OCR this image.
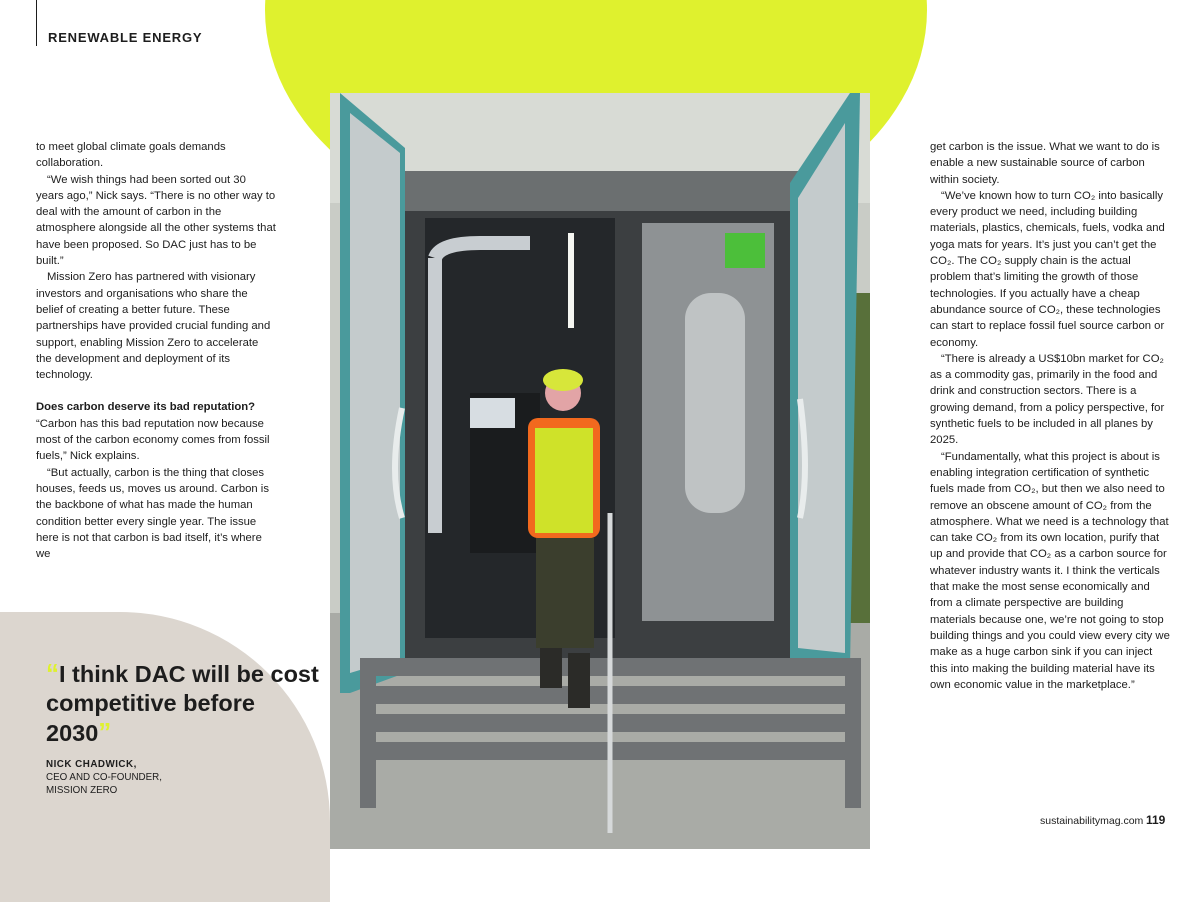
RENEWABLE ENERGY

to meet global climate goals demands collaboration.

“We wish things had been sorted out 30 years ago,” Nick says. “There is no other way to deal with the amount of carbon in the atmosphere alongside all the other systems that have been proposed. So DAC just has to be built.”

Mission Zero has partnered with visionary investors and organisations who share the belief of creating a better future. These partnerships have provided crucial funding and support, enabling Mission Zero to accelerate the development and deployment of its technology.

Does carbon deserve its bad reputation?

“Carbon has this bad reputation now because most of the carbon economy comes from fossil fuels,” Nick explains.

“But actually, carbon is the thing that closes houses, feeds us, moves us around. Carbon is the backbone of what has made the human condition better every single year. The issue here is not that carbon is bad itself, it’s where we

get carbon is the issue. What we want to do is enable a new sustainable source of carbon within society.

“We’ve known how to turn CO₂ into basically every product we need, including building materials, plastics, chemicals, fuels, vodka and yoga mats for years. It’s just you can’t get the CO₂. The CO₂ supply chain is the actual problem that’s limiting the growth of those technologies. If you actually have a cheap abundance source of CO₂, these technologies can start to replace fossil fuel source carbon or economy.

“There is already a US$10bn market for CO₂ as a commodity gas, primarily in the food and drink and construction sectors. There is a growing demand, from a policy perspective, for synthetic fuels to be included in all planes by 2025.

“Fundamentally, what this project is about is enabling integration certification of synthetic fuels made from CO₂, but then we also need to remove an obscene amount of CO₂ from the atmosphere. What we need is a technology that can take CO₂ from its own location, purify that up and provide that CO₂ as a carbon source for whatever industry wants it. I think the verticals that make the most sense economically and from a climate perspective are building materials because one, we’re not going to stop building things and you could view every city we make as a huge carbon sink if you can inject this into making the building material have its own economic value in the marketplace.”

“I think DAC will be cost competitive before 2030”
NICK CHADWICK,
CEO AND CO-FOUNDER,
MISSION ZERO
sustainabilitymag.com 119
